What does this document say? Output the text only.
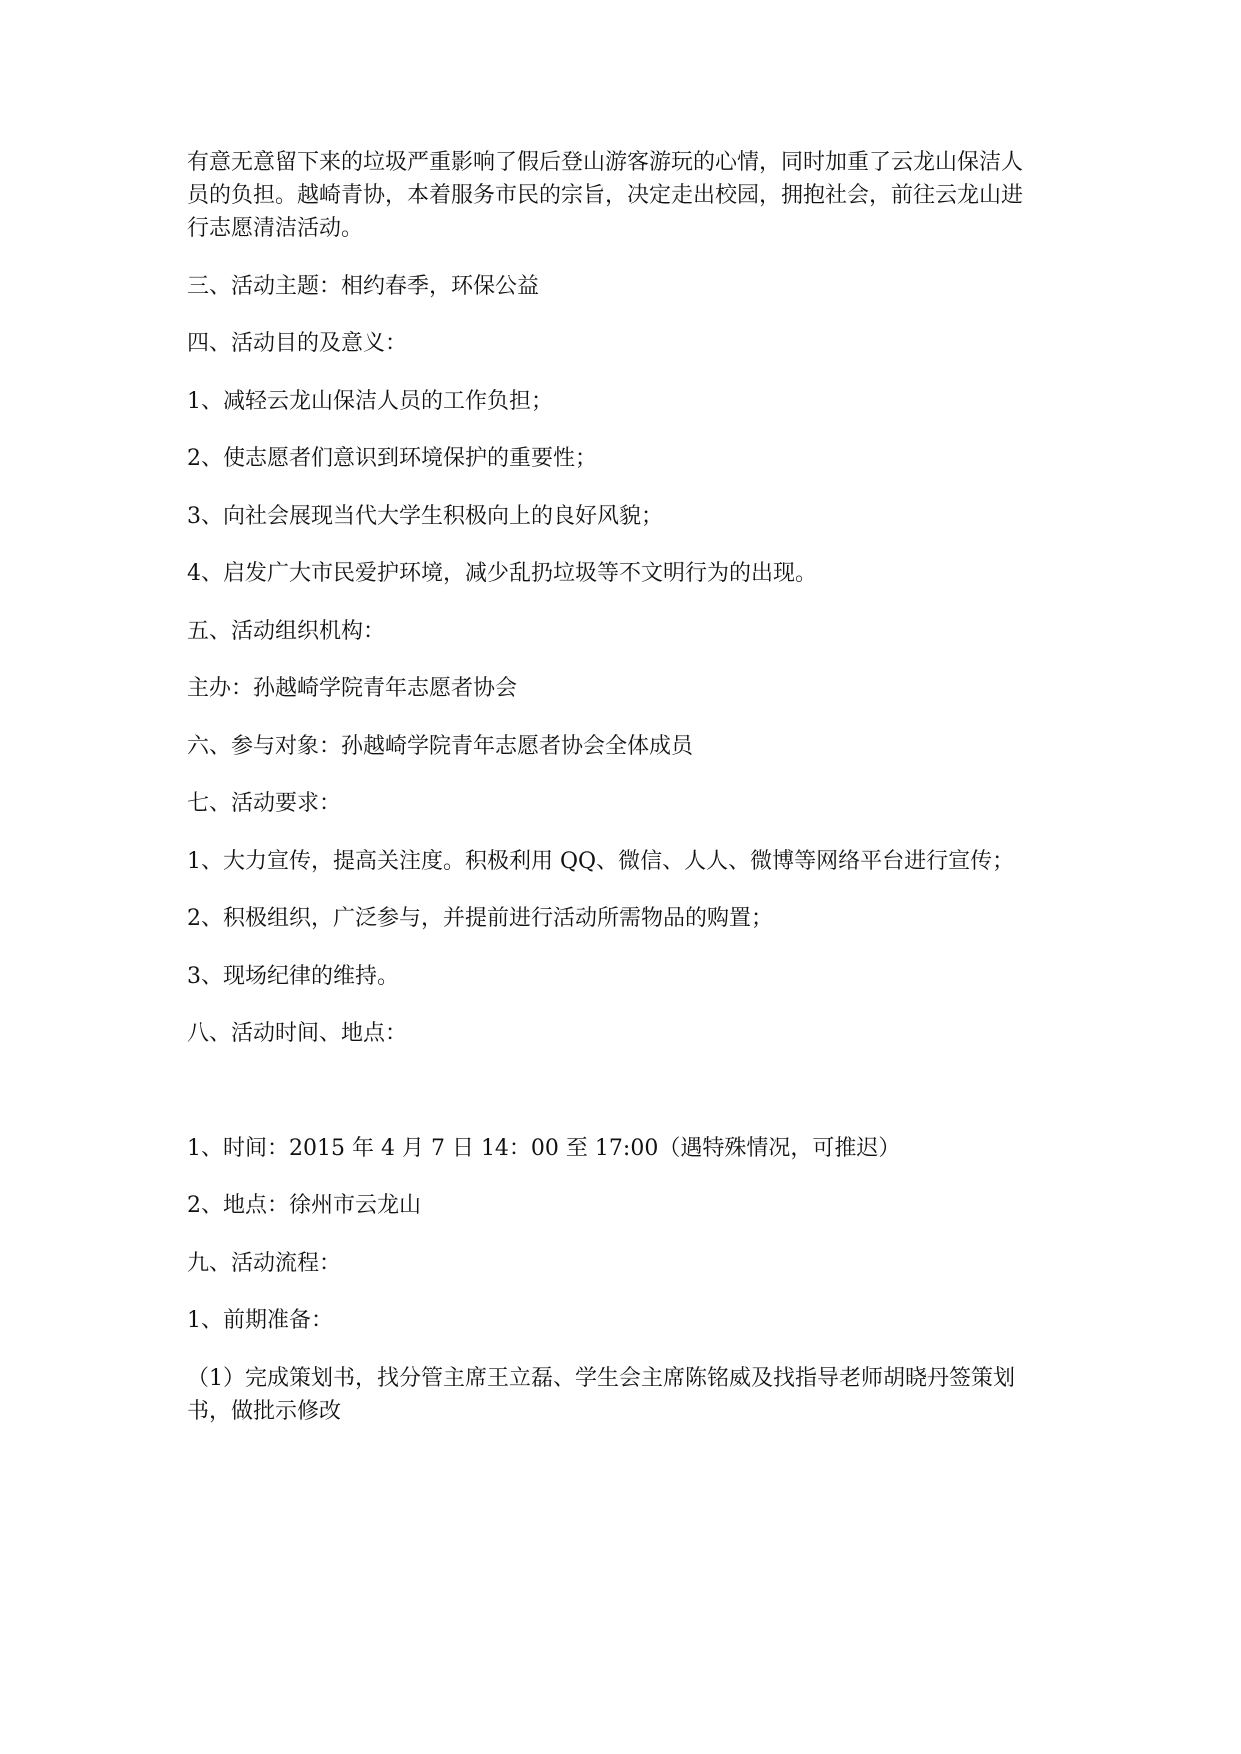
有意无意留下来的垃圾严重影响了假后登山游客游玩的心情，同时加重了云龙山保洁人

员的负担。越崎青协，本着服务市民的宗旨，决定走出校园，拥抱社会，前往云龙山进

行志愿清洁活动。

三、活动主题：相约春季，环保公益

四、活动目的及意义：

1、减轻云龙山保洁人员的工作负担；

2、使志愿者们意识到环境保护的重要性；

3、向社会展现当代大学生积极向上的良好风貌；

4、启发广大市民爱护环境，减少乱扔垃圾等不文明行为的出现。

五、活动组织机构：

主办：孙越崎学院青年志愿者协会

六、参与对象：孙越崎学院青年志愿者协会全体成员

七、活动要求：

1、大力宣传，提高关注度。积极利用 QQ、微信、人人、微博等网络平台进行宣传；

2、积极组织，广泛参与，并提前进行活动所需物品的购置；

3、现场纪律的维持。

八、活动时间、地点：

1、时间：2015 年 4 月 7 日 14：00 至 17:00（遇特殊情况，可推迟）

2、地点：徐州市云龙山

九、活动流程：

1、前期准备：

（1）完成策划书，找分管主席王立磊、学生会主席陈铭威及找指导老师胡晓丹签策划

书，做批示修改
